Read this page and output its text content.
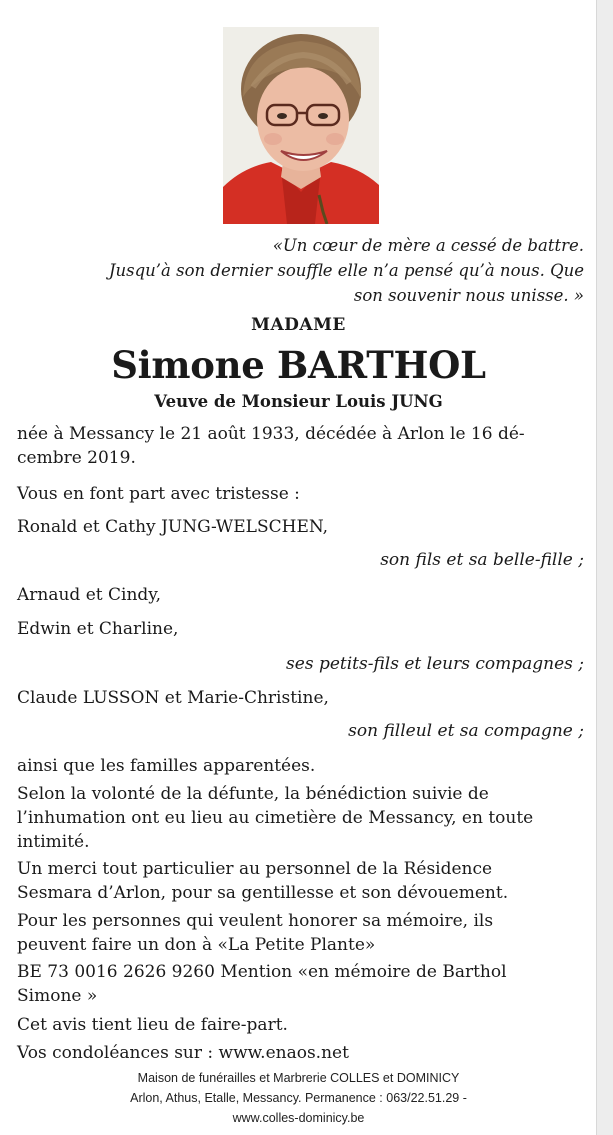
«Un cœur de mère a cessé de battre.
Jusqu’à son dernier souffle elle n’a pensé qu’à nous. Que
son souvenir nous unisse. »
MADAME
Simone BARTHOL
Veuve de Monsieur Louis JUNG
née à Messancy le 21 août 1933, décédée à Arlon le 16 dé-
cembre 2019.
Vous en font part avec tristesse :
Ronald et Cathy JUNG-WELSCHEN,
son fils et sa belle-fille ;
Arnaud et Cindy,
Edwin et Charline,
ses petits-fils et leurs compagnes ;
Claude LUSSON et Marie-Christine,
son filleul et sa compagne ;
ainsi que les familles apparentées.
Selon la volonté de la défunte, la bénédiction suivie de
l’inhumation ont eu lieu au cimetière de Messancy, en toute
intimité.
Un merci tout particulier au personnel de la Résidence
Sesmara d’Arlon, pour sa gentillesse et son dévouement.
Pour les personnes qui veulent honorer sa mémoire, ils
peuvent faire un don à «La Petite Plante»
BE 73 0016 2626 9260 Mention «en mémoire de Barthol
Simone »
Cet avis tient lieu de faire-part.
Vos condoléances sur : www.enaos.net
Maison de funérailles et Marbrerie COLLES et DOMINICY
Arlon, Athus, Etalle, Messancy. Permanence : 063/22.51.29 -
www.colles-dominicy.be
